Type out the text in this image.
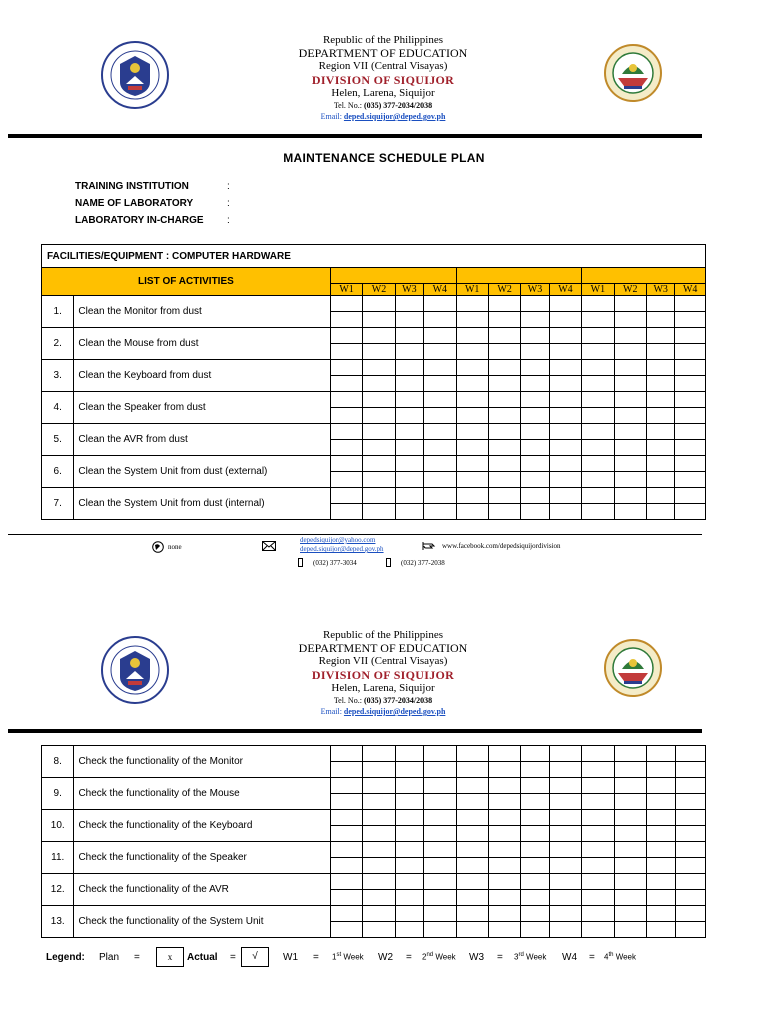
Republic of the Philippines
DEPARTMENT OF EDUCATION
Region VII (Central Visayas)
DIVISION OF SIQUIJOR
Helen, Larena, Siquijor
Tel. No.: (035) 377-2034/2038
Email: deped.siquijor@deped.gov.ph
MAINTENANCE SCHEDULE PLAN
TRAINING INSTITUTION	:
NAME OF LABORATORY	:
LABORATORY IN-CHARGE	:
FACILITIES/EQUIPMENT : COMPUTER HARDWARE													
LIST OF ACTIVITIES													
		W1	W2	W3	W4	W1	W2	W3	W4	W1	W2	W3	W4
1.	Clean the Monitor from dust												

2.	Clean the Mouse from dust												

3.	Clean the Keyboard from dust												

4.	Clean the Speaker from dust												

5.	Clean the AVR from dust												

6.	Clean the System Unit from dust (external)												

7.	Clean the System Unit from dust (internal)												

none
depedsiquijor@yahoo.com
deped.siquijor@deped.gov.ph	www.facebook.com/depedsiquijordivision
(032) 377-3034	(032) 377-2038
Republic of the Philippines
DEPARTMENT OF EDUCATION
Region VII (Central Visayas)
DIVISION OF SIQUIJOR
Helen, Larena, Siquijor
Tel. No.: (035) 377-2034/2038
Email: deped.siquijor@deped.gov.ph
8.	Check the functionality of the Monitor												

9.	Check the functionality of the Mouse												

10.	Check the functionality of the Keyboard												

11.	Check the functionality of the Speaker												

12.	Check the functionality of the AVR												

13.	Check the functionality of the System Unit												

Legend: Plan =	x	Actual =	√	W1 = 1st Week W2 = 2nd Week W3 = 3rd Week W4 = 4th Week
